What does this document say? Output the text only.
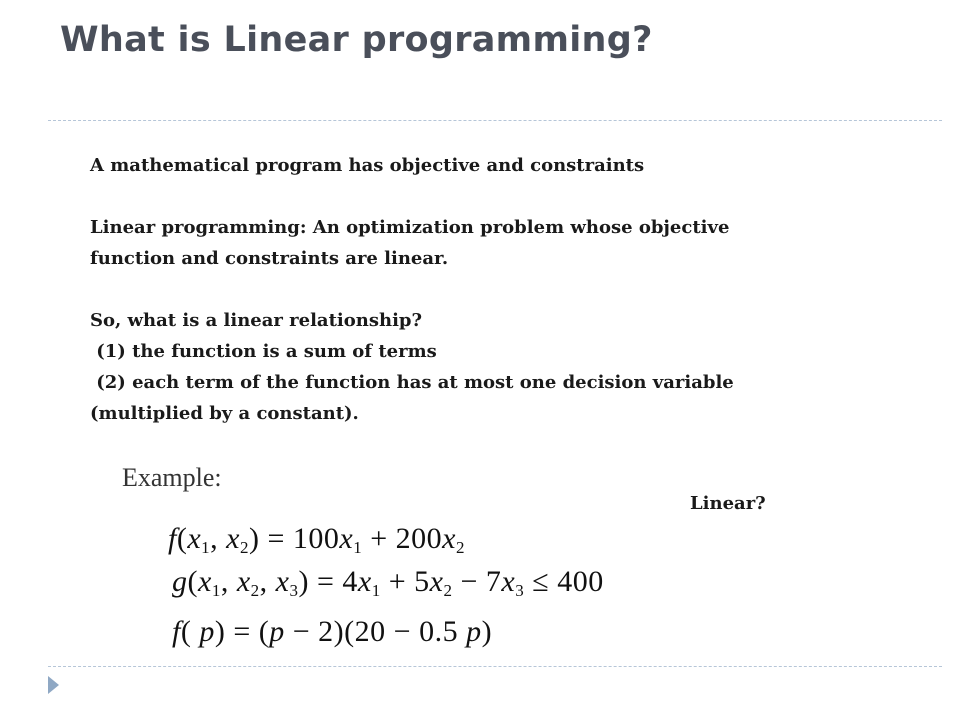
What is Linear programming?

A mathematical program has objective and constraints

Linear programming: An optimization problem whose objective

function and constraints are linear.

So, what is a linear relationship?

(1) the function is a sum of terms

(2) each term of the function has at most one decision variable

(multiplied by a constant).

Example:
Linear?
$f(x_1$, $x_2) = 100x_1 + 200x_2$
$g(x_1$, $x_2$, $x_3) = 4x_1 + 5x_2 - 7x_3 \le 400$
f( p) = (p − 2)(20 − 0.5 p)
